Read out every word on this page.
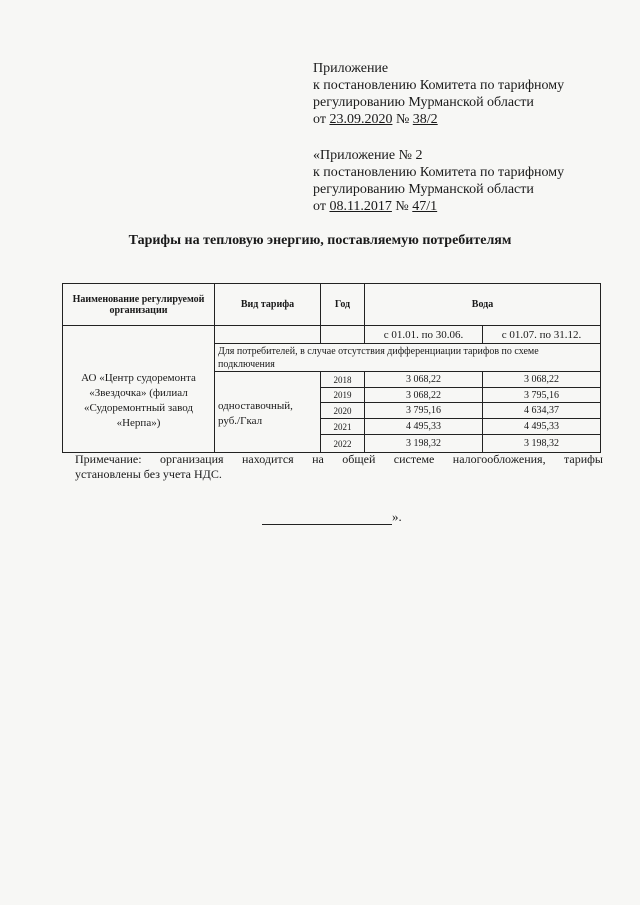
Приложение
к постановлению Комитета по тарифному
регулированию Мурманской области
от 23.09.2020 № 38/2
«Приложение № 2
к постановлению Комитета по тарифному
регулированию Мурманской области
от 08.11.2017 № 47/1
Тарифы на тепловую энергию, поставляемую потребителям
Наименование регулируемой организации	Вид тарифа	Год	Вода	
АО «Центр судоремонта «Звездочка» (филиал «Судоремонтный завод «Нерпа»)			с 01.01. по 30.06.	с 01.07. по 31.12.
	Для потребителей, в случае отсутствия дифференциации тарифов по схеме подключения			
	одноставочный, руб./Гкал	2018	3 068,22	3 068,22
		2019	3 068,22	3 795,16
		2020	3 795,16	4 634,37
		2021	4 495,33	4 495,33
		2022	3 198,32	3 198,32
Примечание: организация находится на общей системе налогообложения, тарифы
установлены без учета НДС.
».
